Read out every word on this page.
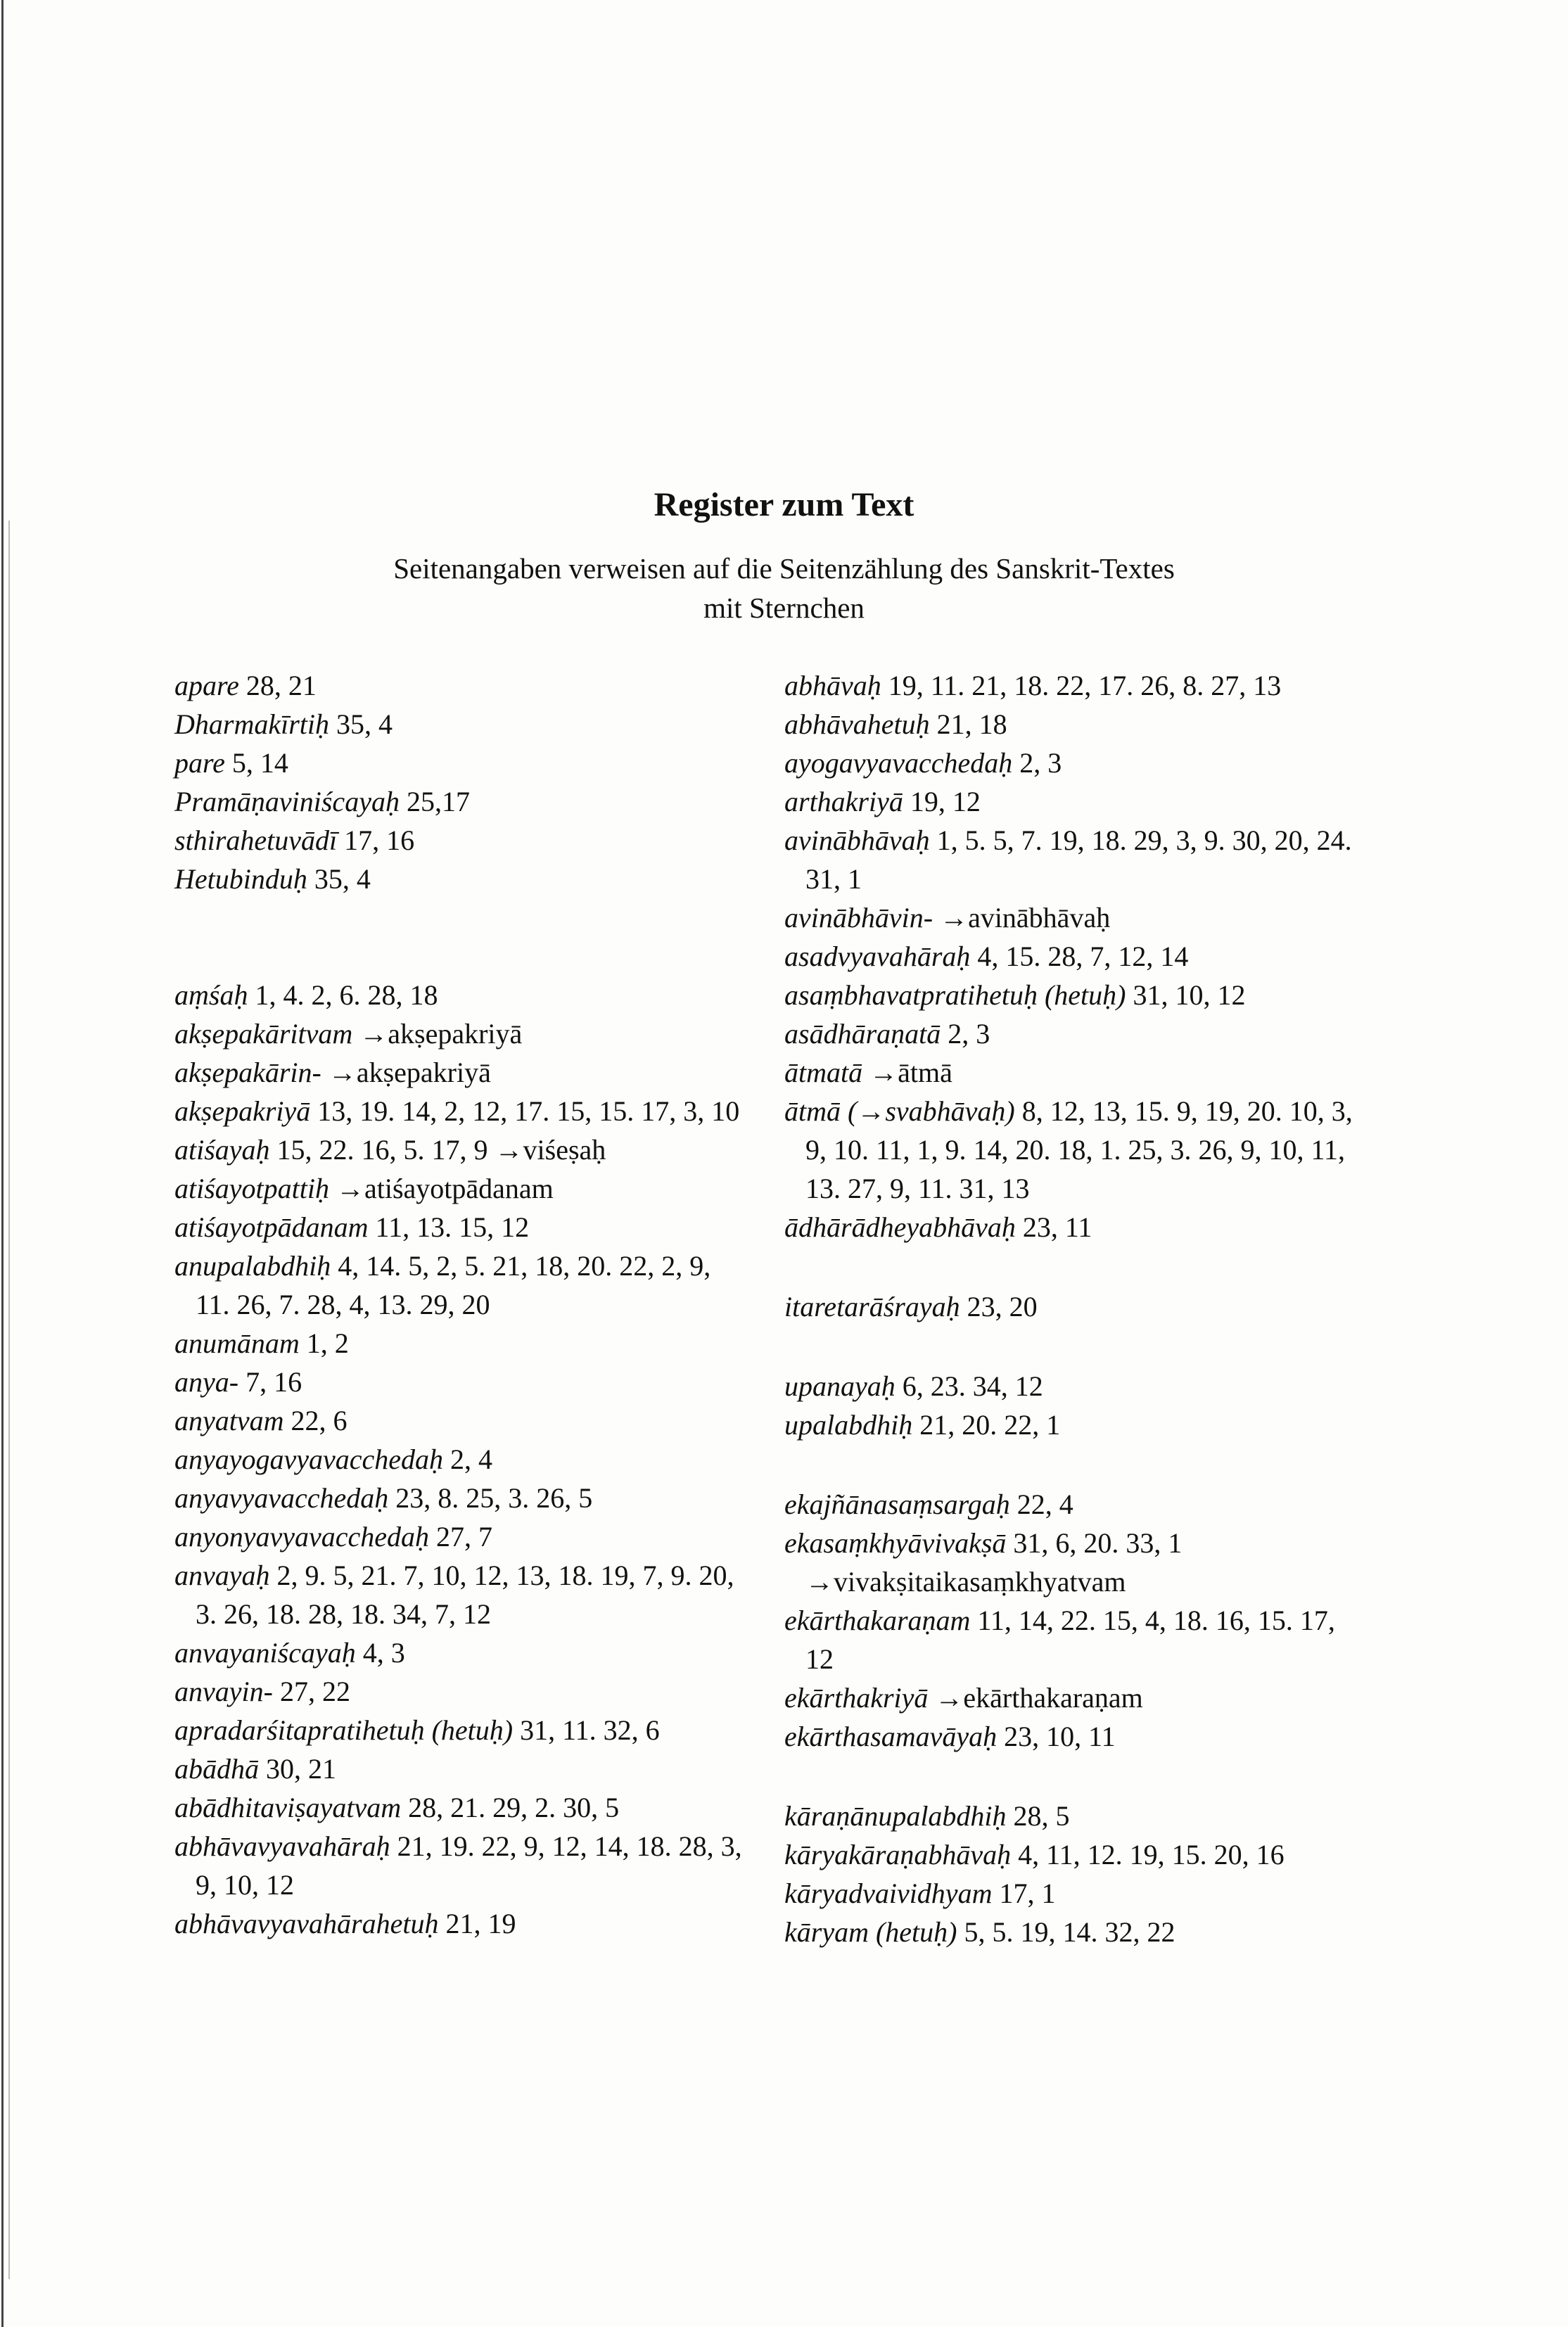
Register zum Text
Seitenangaben verweisen auf die Seitenzählung des Sanskrit-Textes
mit Sternchen
apare 28, 21
Dharmakīrtiḥ 35, 4
pare 5, 14
Pramāṇaviniścayaḥ 25,17
sthirahetuvādī 17, 16
Hetubinduḥ 35, 4
aṃśaḥ 1, 4. 2, 6. 28, 18
akṣepakāritvam →akṣepakriyā
akṣepakārin- →akṣepakriyā
akṣepakriyā 13, 19. 14, 2, 12, 17. 15, 15. 17, 3, 10
atiśayaḥ 15, 22. 16, 5. 17, 9 →viśeṣaḥ
atiśayotpattiḥ →atiśayotpādanam
atiśayotpādanam 11, 13. 15, 12
anupalabdhiḥ 4, 14. 5, 2, 5. 21, 18, 20. 22, 2, 9, 11. 26, 7. 28, 4, 13. 29, 20
anumānam 1, 2
anya- 7, 16
anyatvam 22, 6
anyayogavyavacchedaḥ 2, 4
anyavyavacchedaḥ 23, 8. 25, 3. 26, 5
anyonyavyavacchedaḥ 27, 7
anvayaḥ 2, 9. 5, 21. 7, 10, 12, 13, 18. 19, 7, 9. 20, 3. 26, 18. 28, 18. 34, 7, 12
anvayaniścayaḥ 4, 3
anvayin- 27, 22
apradarśitapratihetuḥ (hetuḥ) 31, 11. 32, 6
abādhā 30, 21
abādhitaviṣayatvam 28, 21. 29, 2. 30, 5
abhāvavyavahāraḥ 21, 19. 22, 9, 12, 14, 18. 28, 3, 9, 10, 12
abhāvavyavahārahetuḥ 21, 19
abhāvaḥ 19, 11. 21, 18. 22, 17. 26, 8. 27, 13
abhāvahetuḥ 21, 18
ayogavyavacchedaḥ 2, 3
arthakriyā 19, 12
avinābhāvaḥ 1, 5. 5, 7. 19, 18. 29, 3, 9. 30, 20, 24. 31, 1
avinābhāvin- →avinābhāvaḥ
asadvyavahāraḥ 4, 15. 28, 7, 12, 14
asaṃbhavatpratihetuḥ (hetuḥ) 31, 10, 12
asādhāraṇatā 2, 3
ātmatā →ātmā
ātmā (→svabhāvaḥ) 8, 12, 13, 15. 9, 19, 20. 10, 3, 9, 10. 11, 1, 9. 14, 20. 18, 1. 25, 3. 26, 9, 10, 11, 13. 27, 9, 11. 31, 13
ādhārādheyabhāvaḥ 23, 11
itaretarāśrayaḥ 23, 20
upanayaḥ 6, 23. 34, 12
upalabdhiḥ 21, 20. 22, 1
ekajñānasaṃsargaḥ 22, 4
ekasaṃkhyāvivakṣā 31, 6, 20. 33, 1 →vivakṣitaikasaṃkhyatvam
ekārthakaraṇam 11, 14, 22. 15, 4, 18. 16, 15. 17, 12
ekārthakriyā →ekārthakaraṇam
ekārthasamavāyaḥ 23, 10, 11
kāraṇānupalabdhiḥ 28, 5
kāryakāraṇabhāvaḥ 4, 11, 12. 19, 15. 20, 16
kāryadvaividhyam 17, 1
kāryam (hetuḥ) 5, 5. 19, 14. 32, 22
